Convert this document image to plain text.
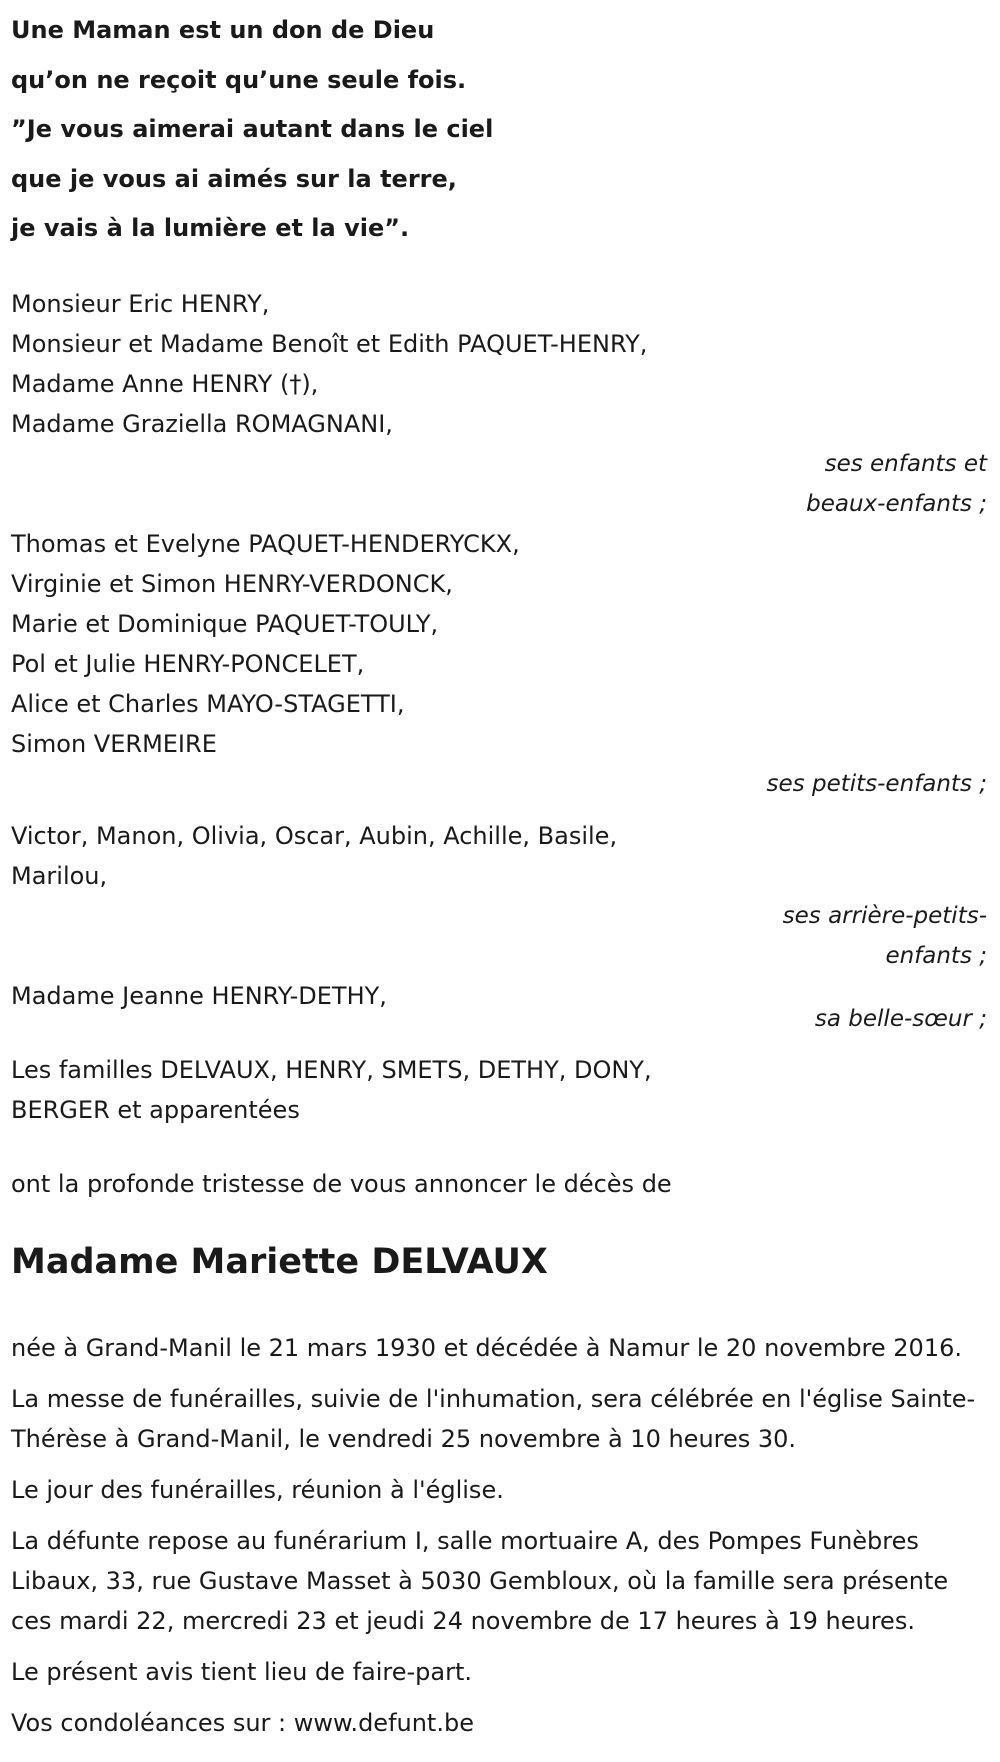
Une Maman est un don de Dieu
qu’on ne reçoit qu’une seule fois.
”Je vous aimerai autant dans le ciel
que je vous ai aimés sur la terre,
je vais à la lumière et la vie”.
Monsieur Eric HENRY,
Monsieur et Madame Benoît et Edith PAQUET-HENRY,
Madame Anne HENRY (†),
Madame Graziella ROMAGNANI,
ses enfants et
beaux-enfants ;
Thomas et Evelyne PAQUET-HENDERYCKX,
Virginie et Simon HENRY-VERDONCK,
Marie et Dominique PAQUET-TOULY,
Pol et Julie HENRY-PONCELET,
Alice et Charles MAYO-STAGETTI,
Simon VERMEIRE
ses petits-enfants ;
Victor, Manon, Olivia, Oscar, Aubin, Achille, Basile,
Marilou,
ses arrière-petits-
enfants ;
Madame Jeanne HENRY-DETHY,
sa belle-sœur ;
Les familles DELVAUX, HENRY, SMETS, DETHY, DONY,
BERGER et apparentées

ont la profonde tristesse de vous annoncer le décès de

Madame Mariette DELVAUX

née à Grand-Manil le 21 mars 1930 et décédée à Namur le 20 novembre 2016.

La messe de funérailles, suivie de l'inhumation, sera célébrée en l'église Sainte-Thérèse à Grand-Manil, le vendredi 25 novembre à 10 heures 30.

Le jour des funérailles, réunion à l'église.

La défunte repose au funérarium I, salle mortuaire A, des Pompes Funèbres Libaux, 33, rue Gustave Masset à 5030 Gembloux, où la famille sera présente ces mardi 22, mercredi 23 et jeudi 24 novembre de 17 heures à 19 heures.

Le présent avis tient lieu de faire-part.

Vos condoléances sur : www.defunt.be
